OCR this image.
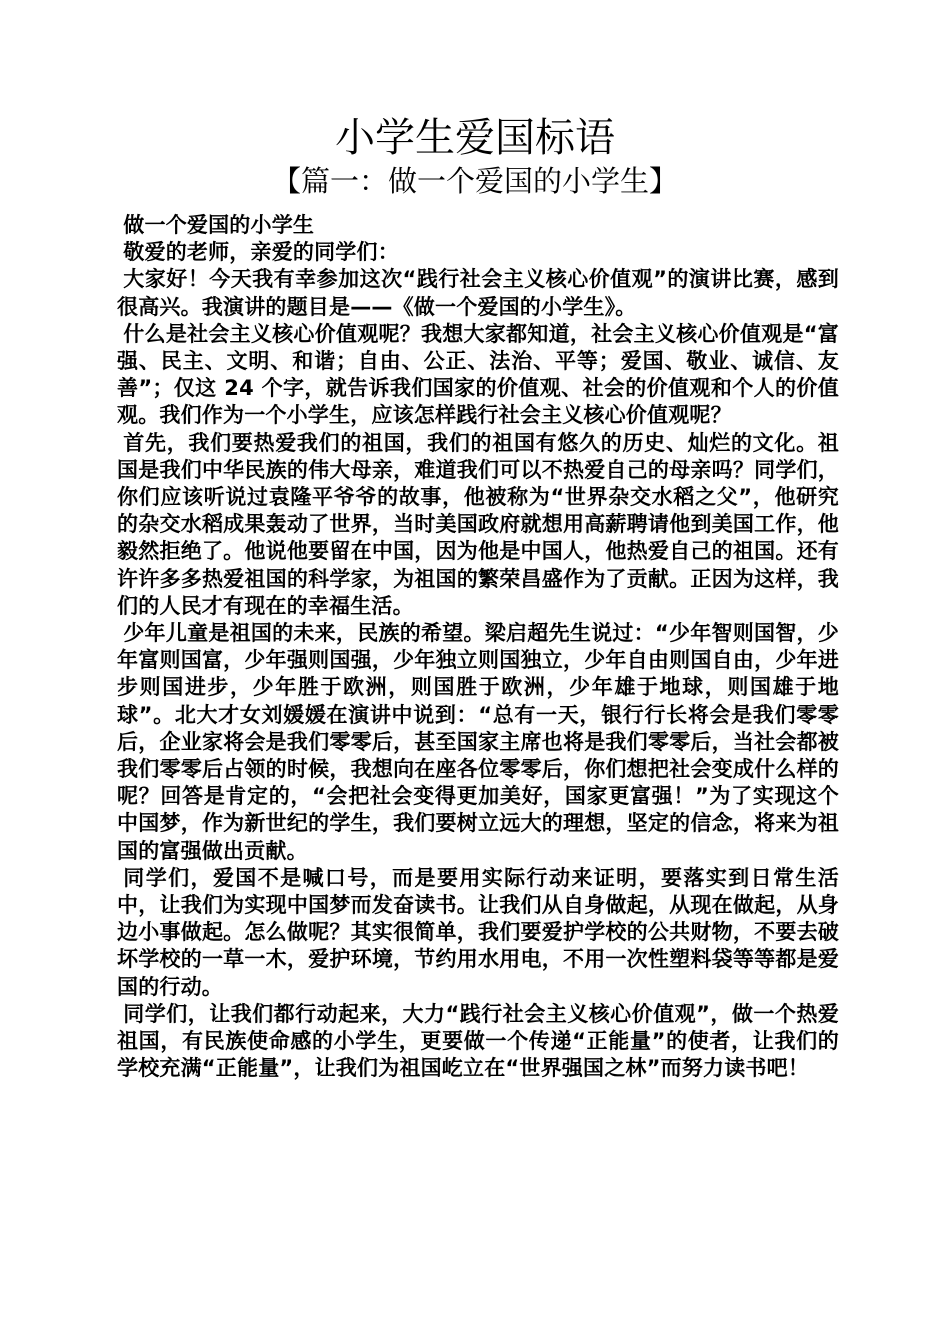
小学生爱国标语
【篇一：做一个爱国的小学生】

做一个爱国的小学生

敬爱的老师，亲爱的同学们：

大家好！今天我有幸参加这次“践行社会主义核心价值观”的演讲比赛，感到很高兴。我演讲的题目是——《做一个爱国的小学生》。

什么是社会主义核心价值观呢？我想大家都知道，社会主义核心价值观是“富强、民主、文明、和谐；自由、公正、法治、平等；爱国、敬业、诚信、友善”；仅这 24 个字，就告诉我们国家的价值观、社会的价值观和个人的价值观。我们作为一个小学生，应该怎样践行社会主义核心价值观呢？

首先，我们要热爱我们的祖国，我们的祖国有悠久的历史、灿烂的文化。祖国是我们中华民族的伟大母亲，难道我们可以不热爱自己的母亲吗？同学们，你们应该听说过袁隆平爷爷的故事，他被称为“世界杂交水稻之父”，他研究的杂交水稻成果轰动了世界，当时美国政府就想用高薪聘请他到美国工作，他毅然拒绝了。他说他要留在中国，因为他是中国人，他热爱自己的祖国。还有许许多多热爱祖国的科学家，为祖国的繁荣昌盛作为了贡献。正因为这样，我们的人民才有现在的幸福生活。

少年儿童是祖国的未来，民族的希望。梁启超先生说过：“少年智则国智，少年富则国富，少年强则国强，少年独立则国独立，少年自由则国自由，少年进步则国进步，少年胜于欧洲，则国胜于欧洲，少年雄于地球，则国雄于地球”。北大才女刘媛媛在演讲中说到：“总有一天，银行行长将会是我们零零后，企业家将会是我们零零后，甚至国家主席也将是我们零零后，当社会都被我们零零后占领的时候，我想向在座各位零零后，你们想把社会变成什么样的呢？回答是肯定的，“会把社会变得更加美好，国家更富强！”为了实现这个中国梦，作为新世纪的学生，我们要树立远大的理想，坚定的信念，将来为祖国的富强做出贡献。

同学们，爱国不是喊口号，而是要用实际行动来证明，要落实到日常生活中，让我们为实现中国梦而发奋读书。让我们从自身做起，从现在做起，从身边小事做起。怎么做呢？其实很简单，我们要爱护学校的公共财物，不要去破坏学校的一草一木，爱护环境，节约用水用电，不用一次性塑料袋等等都是爱国的行动。

同学们，让我们都行动起来，大力“践行社会主义核心价值观”，做一个热爱祖国，有民族使命感的小学生，更要做一个传递“正能量”的使者，让我们的学校充满“正能量”，让我们为祖国屹立在“世界强国之林”而努力读书吧！
